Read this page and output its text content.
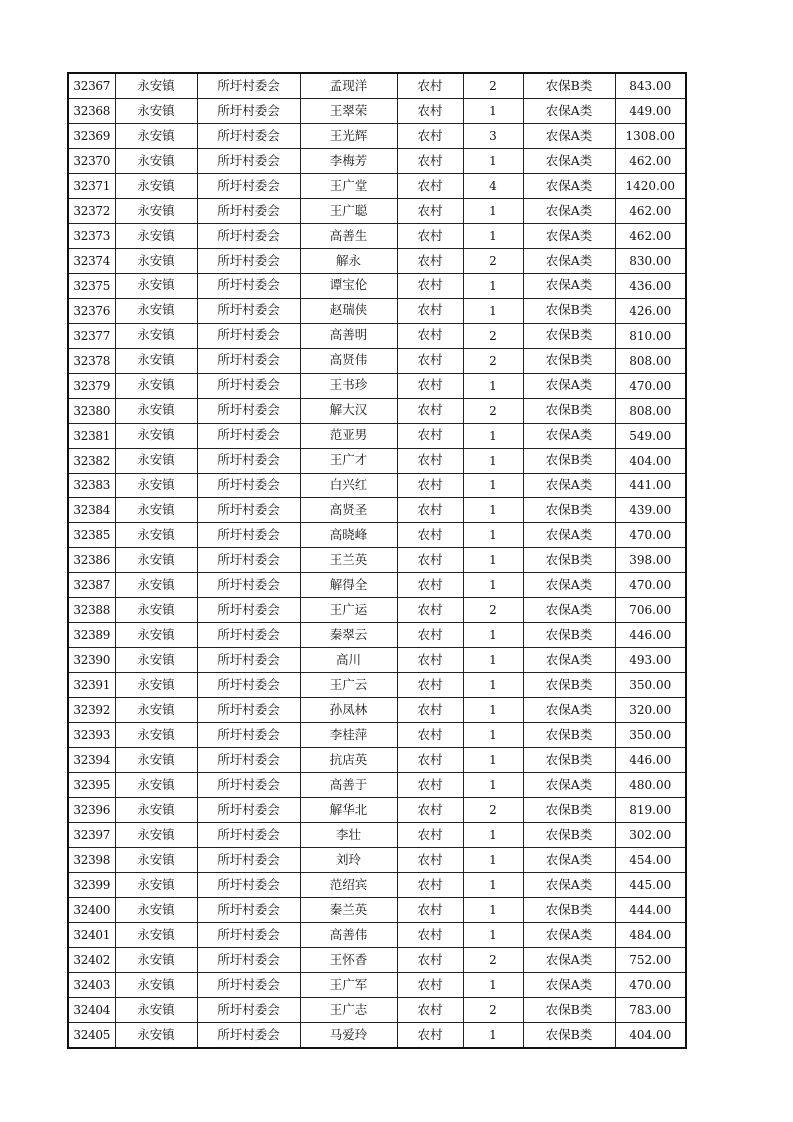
32367	永安镇	所圩村委会	孟现洋	农村	2	农保B类	843.00
32368	永安镇	所圩村委会	王翠荣	农村	1	农保A类	449.00
32369	永安镇	所圩村委会	王光辉	农村	3	农保A类	1308.00
32370	永安镇	所圩村委会	李梅芳	农村	1	农保A类	462.00
32371	永安镇	所圩村委会	王广堂	农村	4	农保A类	1420.00
32372	永安镇	所圩村委会	王广聪	农村	1	农保A类	462.00
32373	永安镇	所圩村委会	高善生	农村	1	农保A类	462.00
32374	永安镇	所圩村委会	解永	农村	2	农保A类	830.00
32375	永安镇	所圩村委会	谭宝伦	农村	1	农保A类	436.00
32376	永安镇	所圩村委会	赵瑞侠	农村	1	农保B类	426.00
32377	永安镇	所圩村委会	高善明	农村	2	农保B类	810.00
32378	永安镇	所圩村委会	高贤伟	农村	2	农保B类	808.00
32379	永安镇	所圩村委会	王书珍	农村	1	农保A类	470.00
32380	永安镇	所圩村委会	解大汉	农村	2	农保B类	808.00
32381	永安镇	所圩村委会	范亚男	农村	1	农保A类	549.00
32382	永安镇	所圩村委会	王广才	农村	1	农保B类	404.00
32383	永安镇	所圩村委会	白兴红	农村	1	农保A类	441.00
32384	永安镇	所圩村委会	高贤圣	农村	1	农保B类	439.00
32385	永安镇	所圩村委会	高晓峰	农村	1	农保A类	470.00
32386	永安镇	所圩村委会	王兰英	农村	1	农保B类	398.00
32387	永安镇	所圩村委会	解得全	农村	1	农保A类	470.00
32388	永安镇	所圩村委会	王广运	农村	2	农保A类	706.00
32389	永安镇	所圩村委会	秦翠云	农村	1	农保B类	446.00
32390	永安镇	所圩村委会	高川	农村	1	农保A类	493.00
32391	永安镇	所圩村委会	王广云	农村	1	农保B类	350.00
32392	永安镇	所圩村委会	孙凤林	农村	1	农保A类	320.00
32393	永安镇	所圩村委会	李桂萍	农村	1	农保B类	350.00
32394	永安镇	所圩村委会	抗店英	农村	1	农保B类	446.00
32395	永安镇	所圩村委会	高善于	农村	1	农保A类	480.00
32396	永安镇	所圩村委会	解华北	农村	2	农保B类	819.00
32397	永安镇	所圩村委会	李壮	农村	1	农保B类	302.00
32398	永安镇	所圩村委会	刘玲	农村	1	农保A类	454.00
32399	永安镇	所圩村委会	范绍宾	农村	1	农保A类	445.00
32400	永安镇	所圩村委会	秦兰英	农村	1	农保B类	444.00
32401	永安镇	所圩村委会	高善伟	农村	1	农保A类	484.00
32402	永安镇	所圩村委会	王怀香	农村	2	农保A类	752.00
32403	永安镇	所圩村委会	王广军	农村	1	农保A类	470.00
32404	永安镇	所圩村委会	王广志	农村	2	农保B类	783.00
32405	永安镇	所圩村委会	马爱玲	农村	1	农保B类	404.00
